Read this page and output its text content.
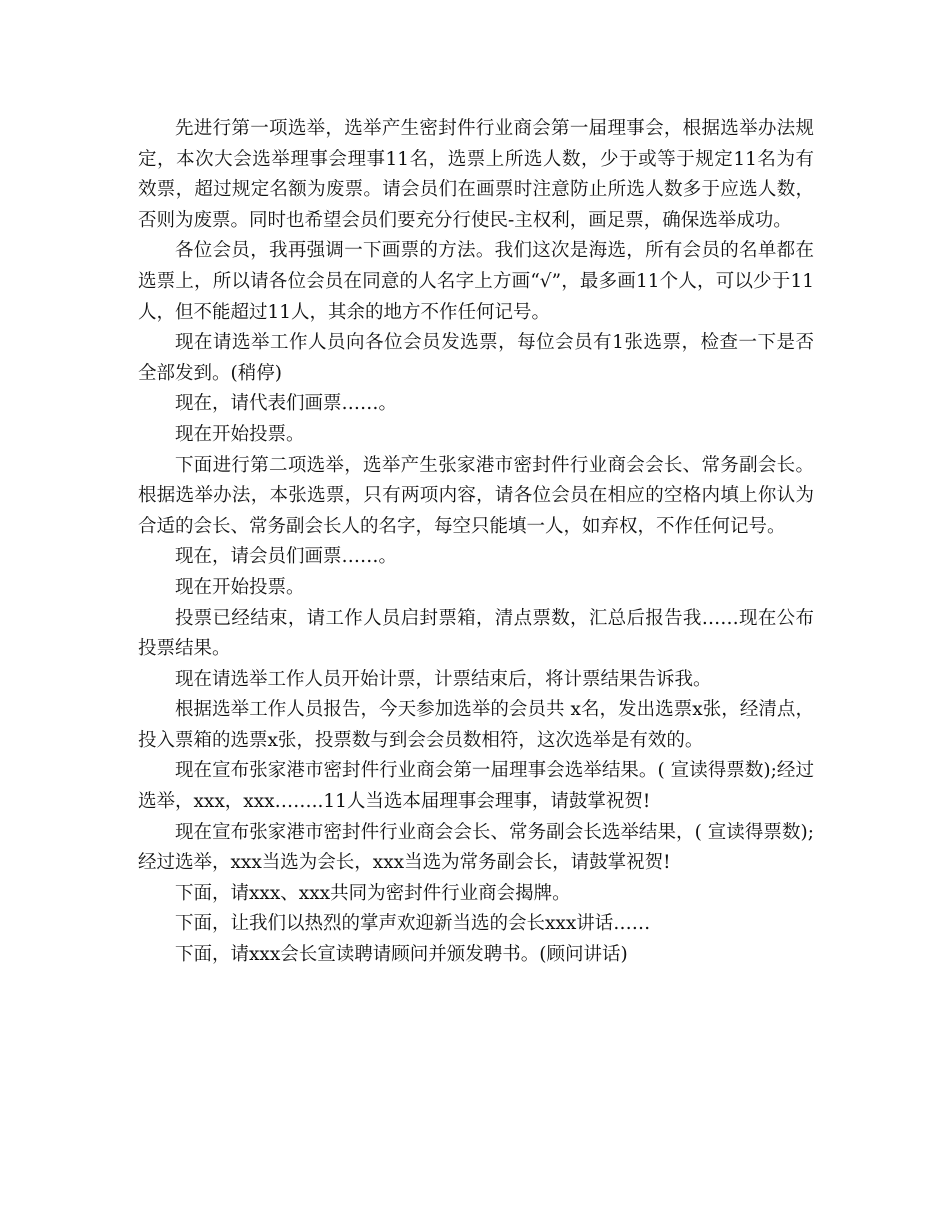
先进行第一项选举，选举产生密封件行业商会第一届理事会，根据选举办法规定，本次大会选举理事会理事11名，选票上所选人数，少于或等于规定11名为有效票，超过规定名额为废票。请会员们在画票时注意防止所选人数多于应选人数，否则为废票。同时也希望会员们要充分行使民-主权利，画足票，确保选举成功。

各位会员，我再强调一下画票的方法。我们这次是海选，所有会员的名单都在选票上，所以请各位会员在同意的人名字上方画“√”，最多画11个人，可以少于11人，但不能超过11人，其余的地方不作任何记号。

现在请选举工作人员向各位会员发选票，每位会员有1张选票，检查一下是否全部发到。(稍停)

现在，请代表们画票……。

现在开始投票。

下面进行第二项选举，选举产生张家港市密封件行业商会会长、常务副会长。根据选举办法，本张选票，只有两项内容，请各位会员在相应的空格内填上你认为合适的会长、常务副会长人的名字，每空只能填一人，如弃权，不作任何记号。

现在，请会员们画票……。

现在开始投票。

投票已经结束，请工作人员启封票箱，清点票数，汇总后报告我……现在公布投票结果。

现在请选举工作人员开始计票，计票结束后，将计票结果告诉我。

根据选举工作人员报告，今天参加选举的会员共 x名，发出选票x张，经清点，投入票箱的选票x张，投票数与到会会员数相符，这次选举是有效的。

现在宣布张家港市密封件行业商会第一届理事会选举结果。( 宣读得票数);经过选举，xxx，xxx……..11人当选本届理事会理事，请鼓掌祝贺!

现在宣布张家港市密封件行业商会会长、常务副会长选举结果，( 宣读得票数);经过选举，xxx当选为会长，xxx当选为常务副会长，请鼓掌祝贺!

下面，请xxx、xxx共同为密封件行业商会揭牌。

下面，让我们以热烈的掌声欢迎新当选的会长xxx讲话……

下面，请xxx会长宣读聘请顾问并颁发聘书。(顾问讲话)
